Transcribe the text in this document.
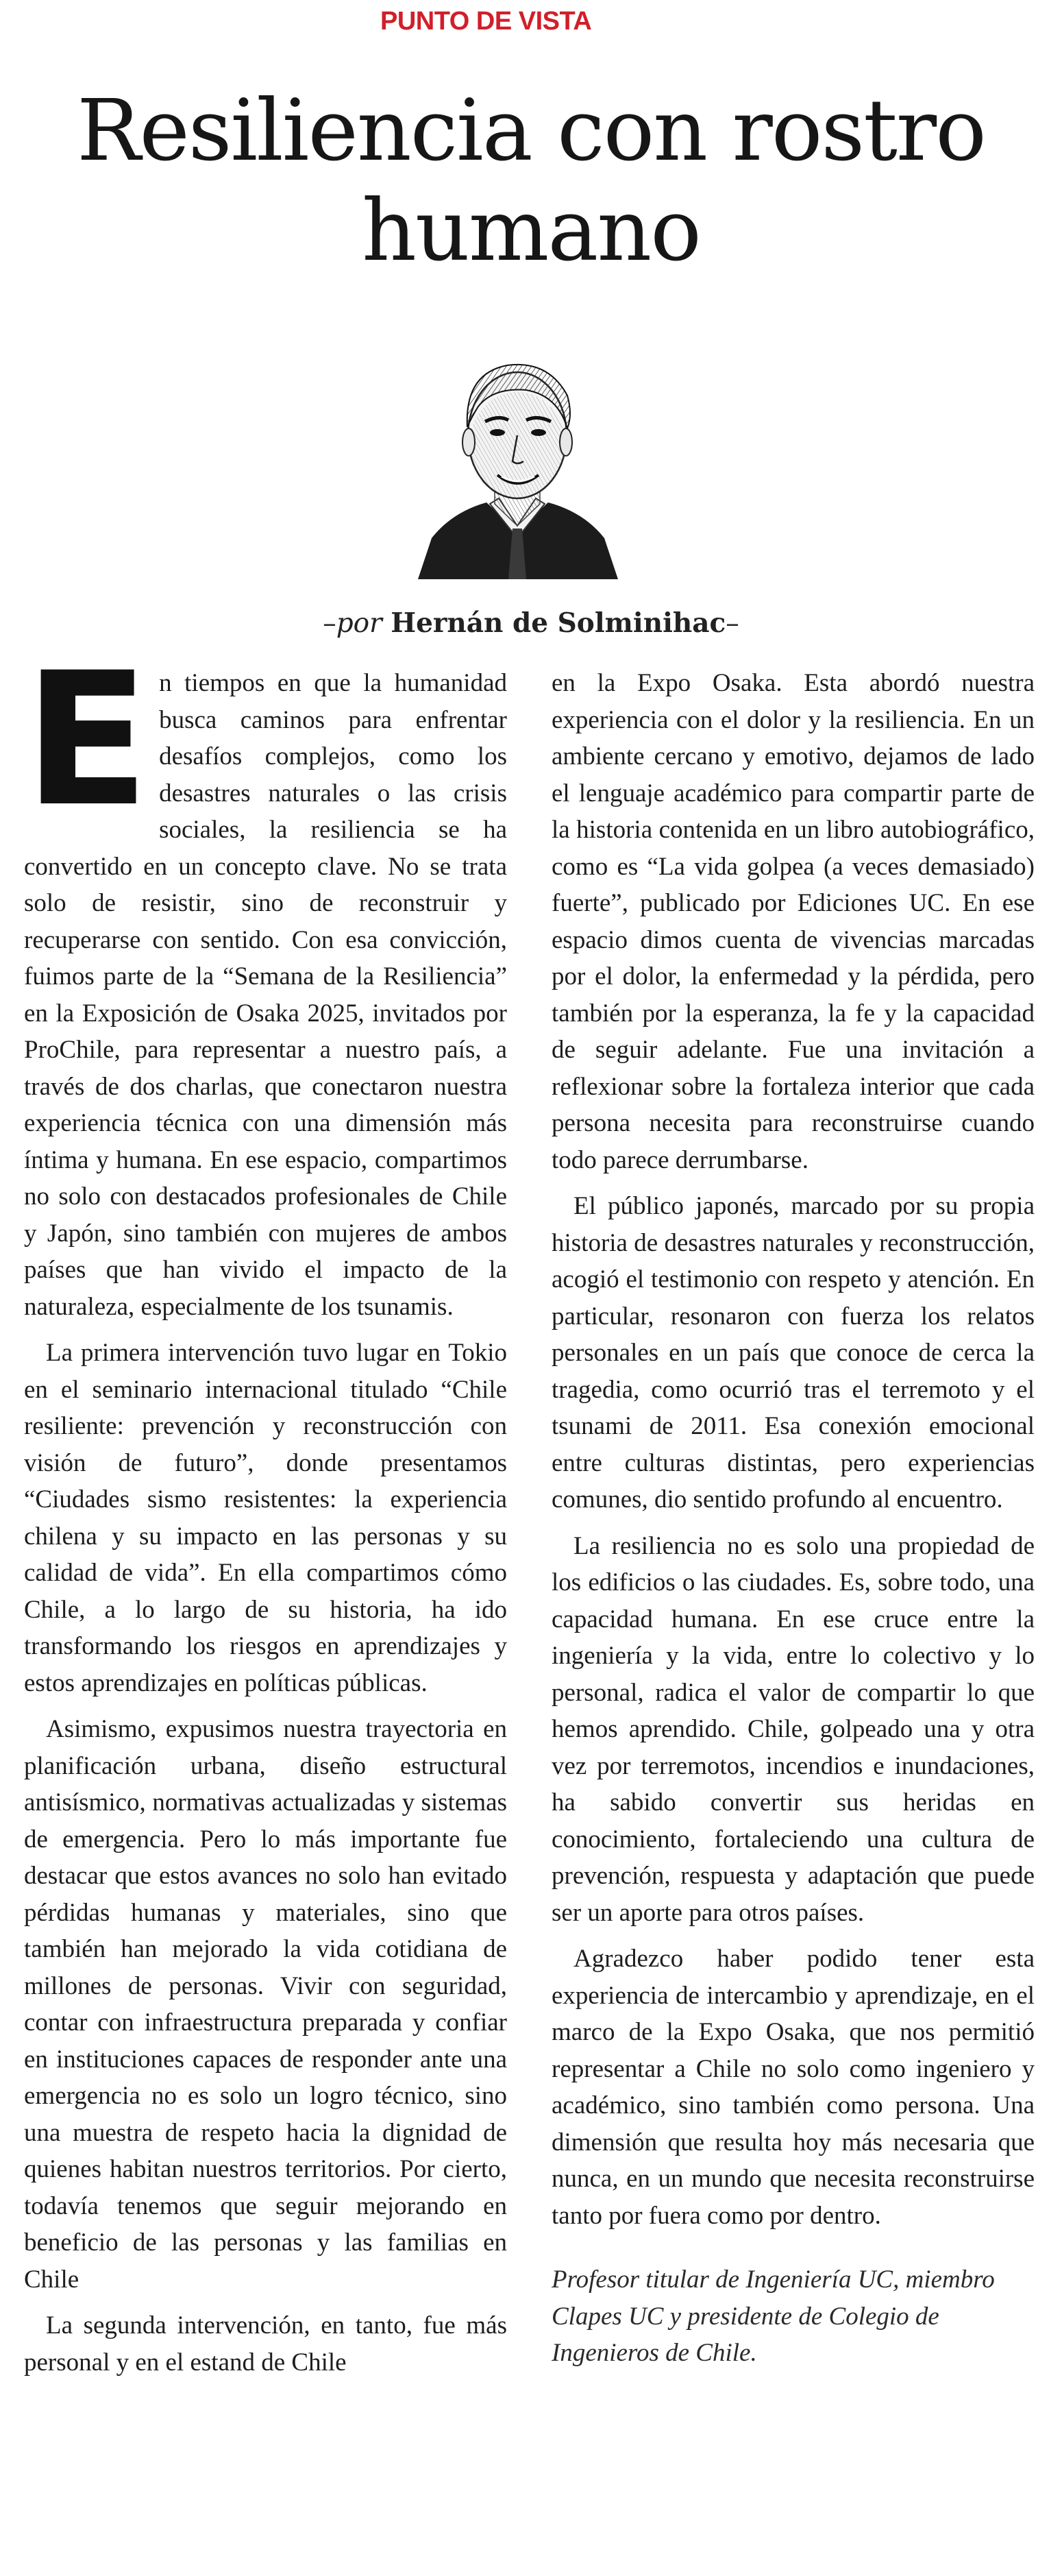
PUNTO DE VISTA
Resiliencia con rostro
humano
–por Hernán de Solminihac–

En tiempos en que la humanidad busca caminos para enfrentar desafíos complejos, como los desastres naturales o las crisis sociales, la resiliencia se ha convertido en un concepto clave. No se trata solo de resistir, sino de reconstruir y recuperarse con sentido. Con esa convicción, fuimos parte de la “Semana de la Resiliencia” en la Exposición de Osaka 2025, invitados por ProChile, para representar a nuestro país, a través de dos charlas, que conectaron nuestra experiencia técnica con una dimensión más íntima y humana. En ese espacio, compartimos no solo con destacados profesionales de Chile y Japón, sino también con mujeres de ambos países que han vivido el impacto de la naturaleza, especialmente de los tsunamis.

La primera intervención tuvo lugar en Tokio en el seminario internacional titulado “Chile resiliente: prevención y reconstrucción con visión de futuro”, donde presentamos “Ciudades sismo resistentes: la experiencia chilena y su impacto en las personas y su calidad de vida”. En ella compartimos cómo Chile, a lo largo de su historia, ha ido transformando los riesgos en aprendizajes y estos aprendizajes en políticas públicas.

Asimismo, expusimos nuestra trayectoria en planificación urbana, diseño estructural antisísmico, normativas actualizadas y sistemas de emergencia. Pero lo más importante fue destacar que estos avances no solo han evitado pérdidas humanas y materiales, sino que también han mejorado la vida cotidiana de millones de personas. Vivir con seguridad, contar con infraestructura preparada y confiar en instituciones capaces de responder ante una emergencia no es solo un logro técnico, sino una muestra de respeto hacia la dignidad de quienes habitan nuestros territorios. Por cierto, todavía tenemos que seguir mejorando en beneficio de las personas y las familias en Chile

La segunda intervención, en tanto, fue más personal y en el estand de Chile

en la Expo Osaka. Esta abordó nuestra experiencia con el dolor y la resiliencia. En un ambiente cercano y emotivo, dejamos de lado el lenguaje académico para compartir parte de la historia contenida en un libro autobiográfico, como es “La vida golpea (a veces demasiado) fuerte”, publicado por Ediciones UC. En ese espacio dimos cuenta de vivencias marcadas por el dolor, la enfermedad y la pérdida, pero también por la esperanza, la fe y la capacidad de seguir adelante. Fue una invitación a reflexionar sobre la fortaleza interior que cada persona necesita para reconstruirse cuando todo parece derrumbarse.

El público japonés, marcado por su propia historia de desastres naturales y reconstrucción, acogió el testimonio con respeto y atención. En particular, resonaron con fuerza los relatos personales en un país que conoce de cerca la tragedia, como ocurrió tras el terremoto y el tsunami de 2011. Esa conexión emocional entre culturas distintas, pero experiencias comunes, dio sentido profundo al encuentro.

La resiliencia no es solo una propiedad de los edificios o las ciudades. Es, sobre todo, una capacidad humana. En ese cruce entre la ingeniería y la vida, entre lo colectivo y lo personal, radica el valor de compartir lo que hemos aprendido. Chile, golpeado una y otra vez por terremotos, incendios e inundaciones, ha sabido convertir sus heridas en conocimiento, fortaleciendo una cultura de prevención, respuesta y adaptación que puede ser un aporte para otros países.

Agradezco haber podido tener esta experiencia de intercambio y aprendizaje, en el marco de la Expo Osaka, que nos permitió representar a Chile no solo como ingeniero y académico, sino también como persona. Una dimensión que resulta hoy más necesaria que nunca, en un mundo que necesita reconstruirse tanto por fuera como por dentro.

Profesor titular de Ingeniería UC, miembro Clapes UC y presidente de Colegio de Ingenieros de Chile.
